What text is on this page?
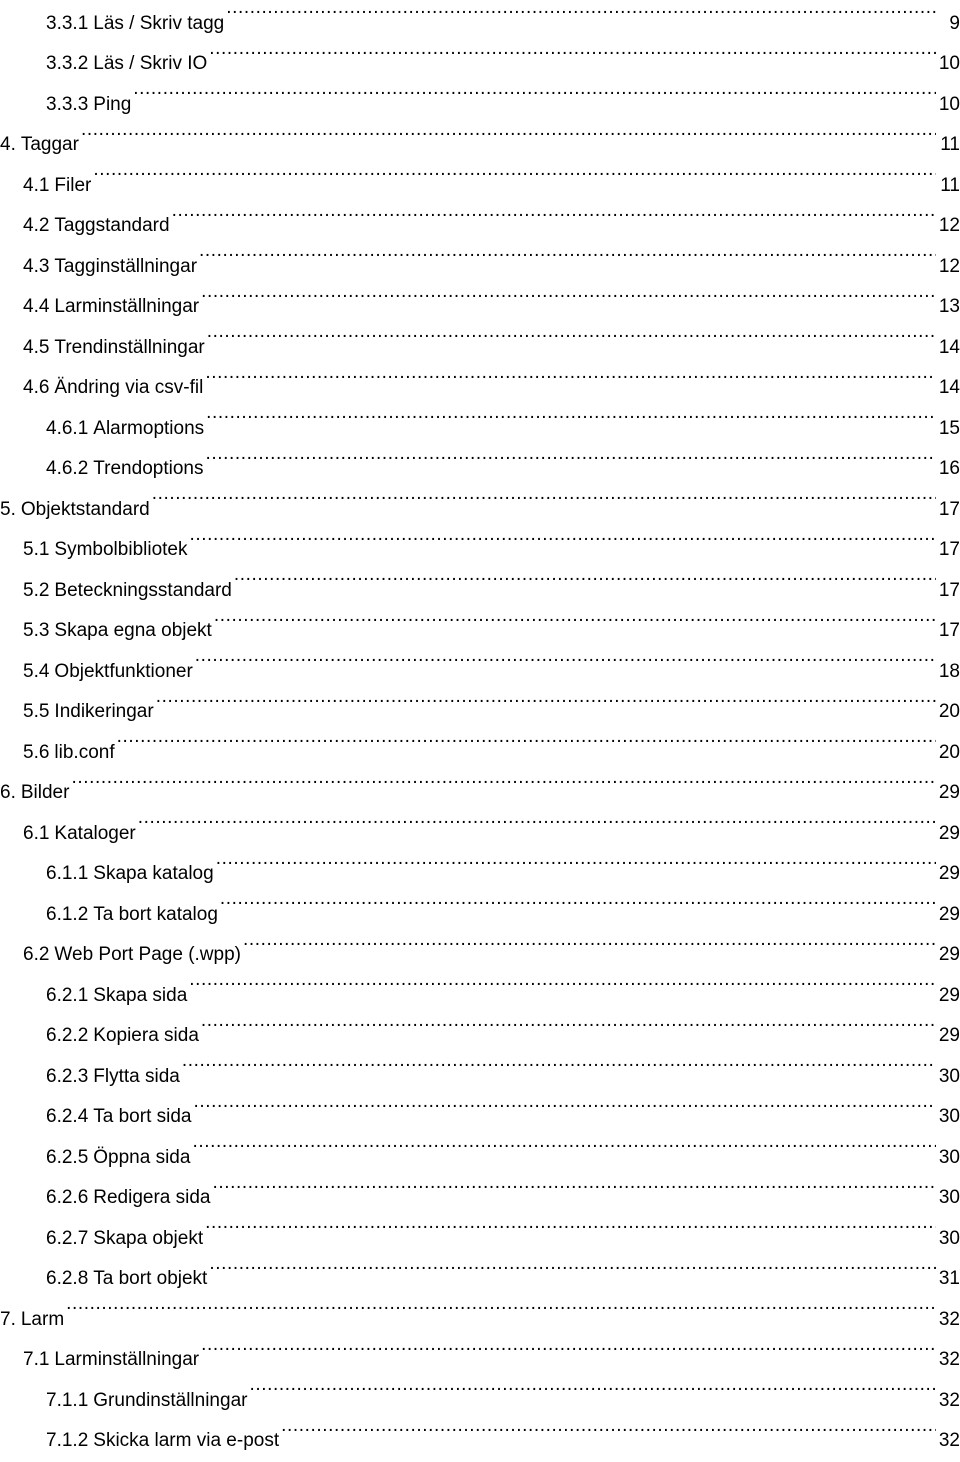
3.3.1 Läs / Skriv tagg .....	9
3.3.2 Läs / Skriv IO .....	10
3.3.3 Ping .....	10
4. Taggar .....	11
4.1 Filer .....	11
4.2 Taggstandard .....	12
4.3 Tagginställningar .....	12
4.4 Larminställningar .....	13
4.5 Trendinställningar .....	14
4.6 Ändring via csv-fil .....	14
4.6.1 Alarmoptions .....	15
4.6.2 Trendoptions .....	16
5. Objektstandard .....	17
5.1 Symbolbibliotek .....	17
5.2 Beteckningsstandard .....	17
5.3 Skapa egna objekt .....	17
5.4 Objektfunktioner .....	18
5.5 Indikeringar .....	20
5.6 lib.conf .....	20
6. Bilder .....	29
6.1 Kataloger .....	29
6.1.1 Skapa katalog .....	29
6.1.2 Ta bort katalog .....	29
6.2 Web Port Page (.wpp) .....	29
6.2.1 Skapa sida .....	29
6.2.2 Kopiera sida .....	29
6.2.3 Flytta sida .....	30
6.2.4 Ta bort sida .....	30
6.2.5 Öppna sida .....	30
6.2.6 Redigera sida .....	30
6.2.7 Skapa objekt .....	30
6.2.8 Ta bort objekt .....	31
7. Larm .....	32
7.1 Larminställningar .....	32
7.1.1 Grundinställningar .....	32
7.1.2 Skicka larm via e-post .....	32
